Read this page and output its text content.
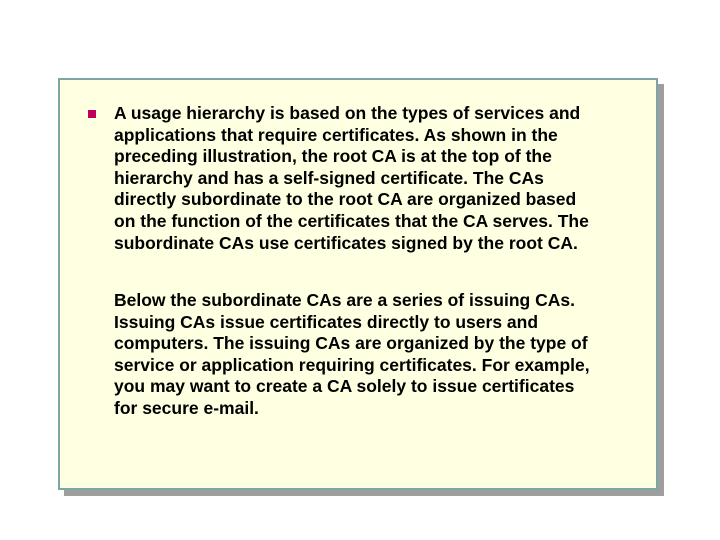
A usage hierarchy is based on the types of services and
applications that require certificates. As shown in the
preceding illustration, the root CA is at the top of the
hierarchy and has a self-signed certificate. The CAs
directly subordinate to the root CA are organized based
on the function of the certificates that the CA serves. The
subordinate CAs use certificates signed by the root CA.

Below the subordinate CAs are a series of issuing CAs.
Issuing CAs issue certificates directly to users and
computers. The issuing CAs are organized by the type of
service or application requiring certificates. For example,
you may want to create a CA solely to issue certificates
for secure e-mail.
